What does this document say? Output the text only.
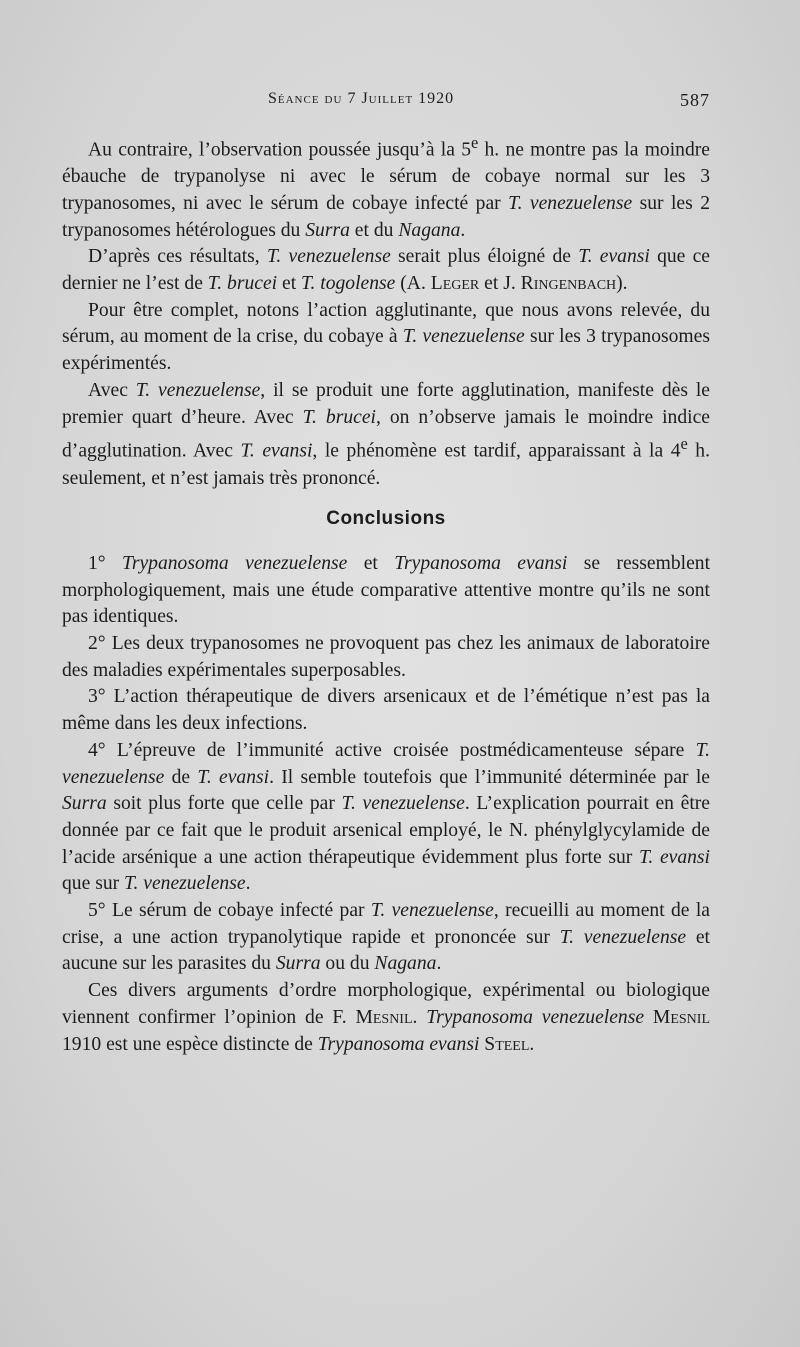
Séance du 7 Juillet 1920	587

Au contraire, l’observation poussée jusqu’à la 5e h. ne montre pas la moindre ébauche de trypanolyse ni avec le sérum de cobaye normal sur les 3 trypanosomes, ni avec le sérum de cobaye infecté par T. venezuelense sur les 2 trypanosomes hétérologues du Surra et du Nagana.

D’après ces résultats, T. venezuelense serait plus éloigné de T. evansi que ce dernier ne l’est de T. brucei et T. togolense (A. Leger et J. Ringenbach).

Pour être complet, notons l’action agglutinante, que nous avons relevée, du sérum, au moment de la crise, du cobaye à T. venezuelense sur les 3 trypanosomes expérimentés.

Avec T. venezuelense, il se produit une forte agglutination, manifeste dès le premier quart d’heure. Avec T. brucei, on n’observe jamais le moindre indice d’agglutination. Avec T. evansi, le phénomène est tardif, apparaissant à la 4e h. seulement, et n’est jamais très prononcé.

Conclusions

1° Trypanosoma venezuelense et Trypanosoma evansi se ressemblent morphologiquement, mais une étude comparative attentive montre qu’ils ne sont pas identiques.

2° Les deux trypanosomes ne provoquent pas chez les animaux de laboratoire des maladies expérimentales superposables.

3° L’action thérapeutique de divers arsenicaux et de l’émétique n’est pas la même dans les deux infections.

4° L’épreuve de l’immunité active croisée postmédicamenteuse sépare T. venezuelense de T. evansi. Il semble toutefois que l’immunité déterminée par le Surra soit plus forte que celle par T. venezuelense. L’explication pourrait en être donnée par ce fait que le produit arsenical employé, le N. phénylglycylamide de l’acide arsénique a une action thérapeutique évidemment plus forte sur T. evansi que sur T. venezuelense.

5° Le sérum de cobaye infecté par T. venezuelense, recueilli au moment de la crise, a une action trypanolytique rapide et prononcée sur T. venezuelense et aucune sur les parasites du Surra ou du Nagana.

Ces divers arguments d’ordre morphologique, expérimental ou biologique viennent confirmer l’opinion de F. Mesnil. Trypanosoma venezuelense Mesnil 1910 est une espèce distincte de Trypanosoma evansi Steel.
